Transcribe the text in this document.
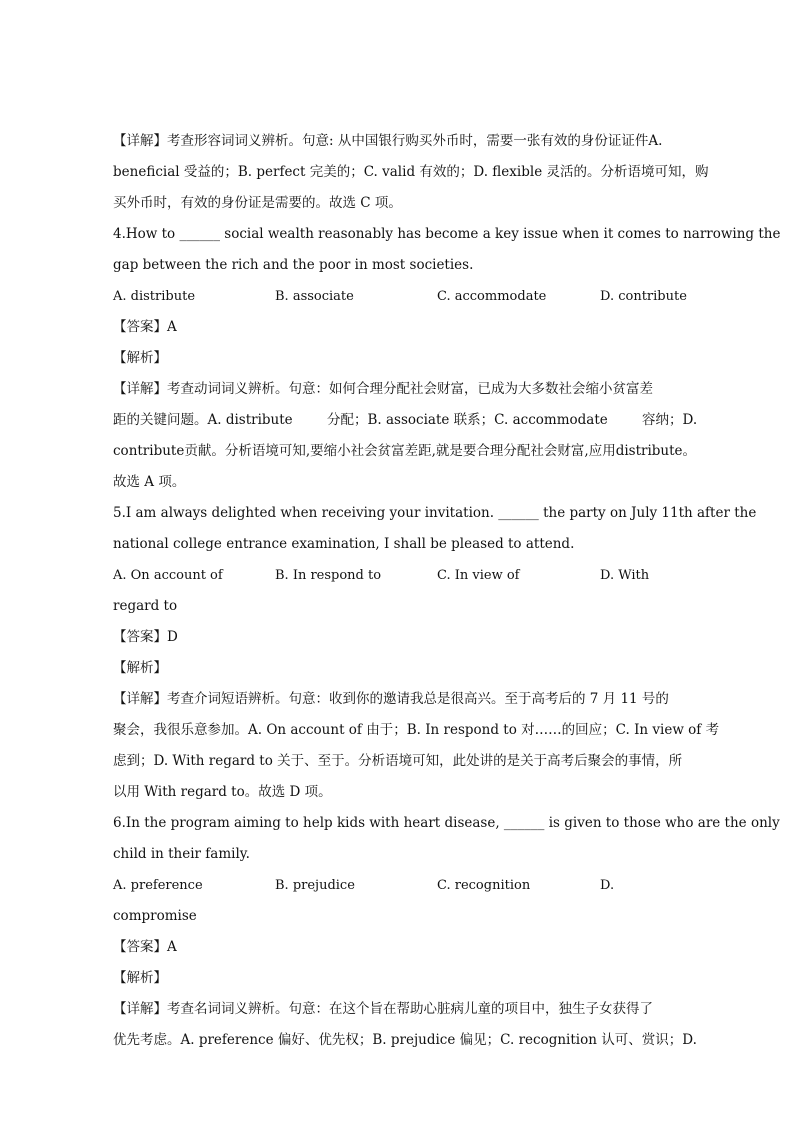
【详解】考查形容词词义辨析。句意: 从中国银行购买外币时，需要一张有效的身份证证件A.
beneficial 受益的；B. perfect 完美的；C. valid 有效的；D. flexible 灵活的。分析语境可知，购
买外币时，有效的身份证是需要的。故选 C 项。
4.How to ______ social wealth reasonably has become a key issue when it comes to narrowing the
gap between the rich and the poor in most societies.
A. distribute	B. associate	C. accommodate	D. contribute
【答案】A
【解析】
【详解】考查动词词义辨析。句意：如何合理分配社会财富，已成为大多数社会缩小贫富差
距的关键问题。A. distribute        分配；B. associate 联系；C. accommodate        容纳；D.
contribute贡献。分析语境可知,要缩小社会贫富差距,就是要合理分配社会财富,应用distribute。
故选 A 项。
5.I am always delighted when receiving your invitation. ______ the party on July 11th after the
national college entrance examination, I shall be pleased to attend.
A. On account of	B. In respond to	C. In view of	D. With
regard to
【答案】D
【解析】
【详解】考查介词短语辨析。句意：收到你的邀请我总是很高兴。至于高考后的 7 月 11 号的
聚会，我很乐意参加。A. On account of 由于；B. In respond to 对……的回应；C. In view of 考
虑到；D. With regard to 关于、至于。分析语境可知，此处讲的是关于高考后聚会的事情，所
以用 With regard to。故选 D 项。
6.In the program aiming to help kids with heart disease, ______ is given to those who are the only
child in their family.
A. preference	B. prejudice	C. recognition	D.
compromise
【答案】A
【解析】
【详解】考查名词词义辨析。句意：在这个旨在帮助心脏病儿童的项目中，独生子女获得了
优先考虑。A. preference 偏好、优先权；B. prejudice 偏见；C. recognition 认可、赏识；D.
